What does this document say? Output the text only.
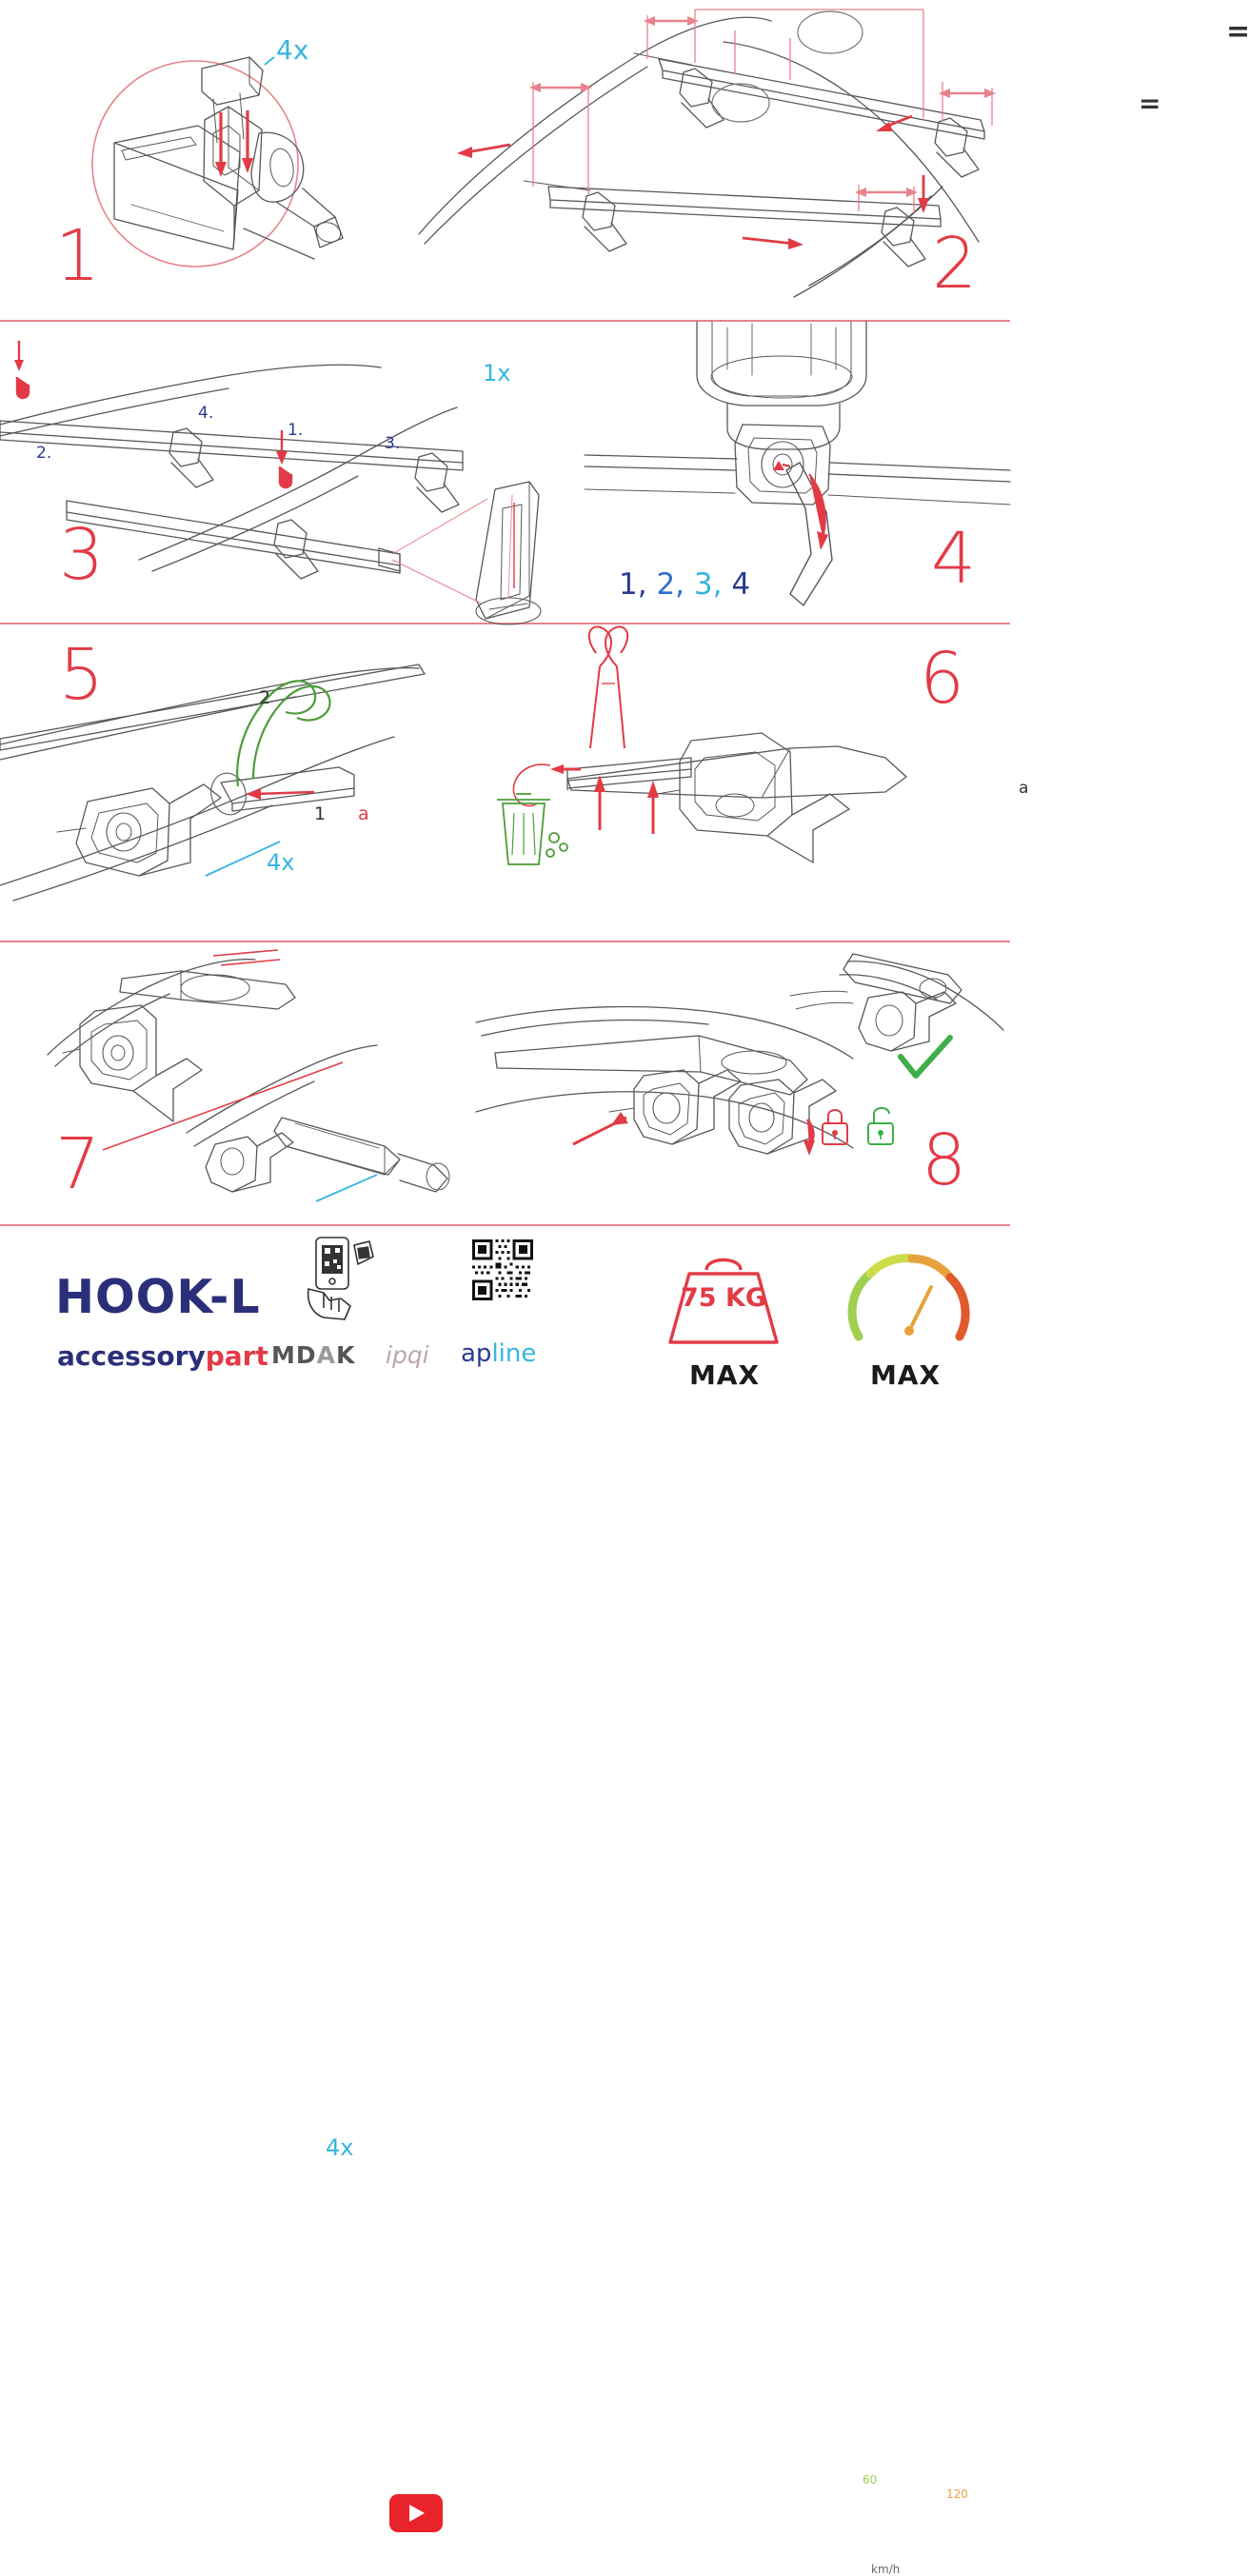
4x
1
=
=
2
2.
4.
1.
3.
1x
3	1, 2, 3, 4	4
5	2
1 a
4x
a
6
7
4x
8
HOOK-L
accessorypart MDAK ipqi apline
60
120
km/h
75 KG
MAX	MAX
